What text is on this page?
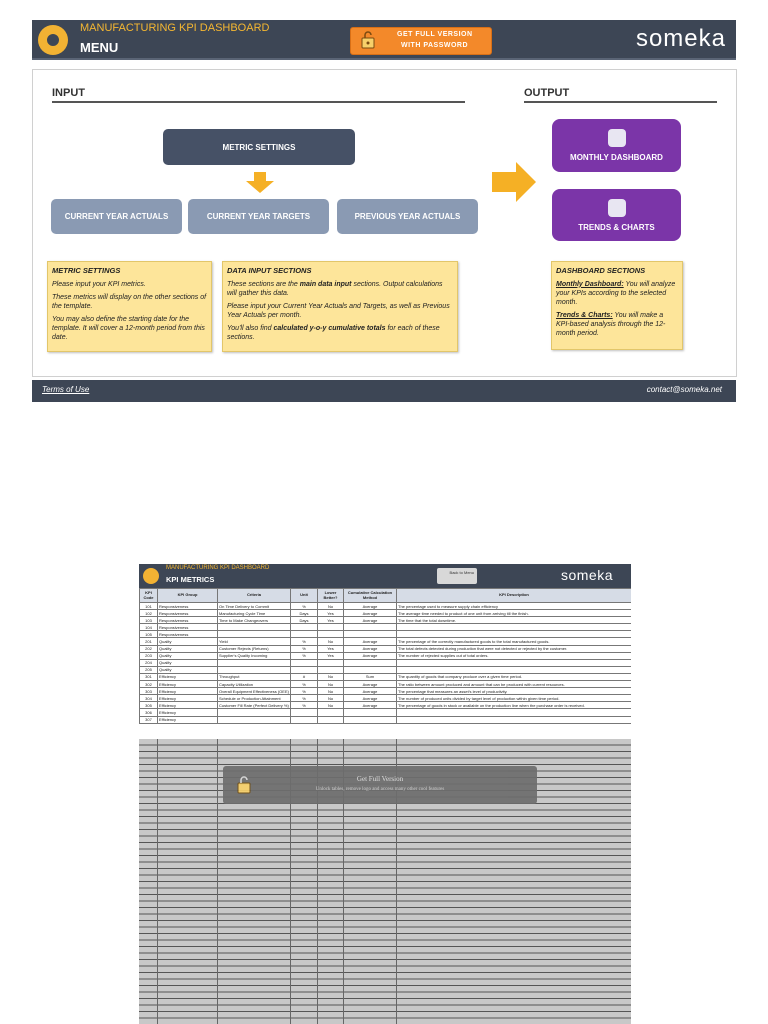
MANUFACTURING KPI DASHBOARD
MENU
GET FULL VERSION
WITH PASSWORD	someka
INPUT	OUTPUT
METRIC SETTINGS
CURRENT YEAR ACTUALS	CURRENT YEAR TARGETS	PREVIOUS YEAR ACTUALS
MONTHLY DASHBOARD
TRENDS & CHARTS
METRIC SETTINGS

Please input your KPI metrics.

These metrics will display on the other sections of the template.

You may also define the starting date for the template. It will cover a 12-month period from this date.

DATA INPUT SECTIONS

These sections are the main data input sections. Output calculations will gather this data.

Please input your Current Year Actuals and Targets, as well as Previous Year Actuals per month.

You'll also find calculated y-o-y cumulative totals for each of these sections.

DASHBOARD SECTIONS

Monthly Dashboard: You will analyze your KPIs according to the selected month.

Trends & Charts: You will make a KPI-based analysis through the 12-month period.

Terms of Use	contact@someka.net
MANUFACTURING KPI DASHBOARD
KPI METRICS
Back to Menu	someka
KPI Code	KPI Group	Criteria	Unit	Lower Better?	Cumulative Calculation Method	KPI Description
101	Responsiveness	On Time Delivery to Commit	%	No	Average	The percentage used to measure supply chain efficiency
102	Responsiveness	Manufacturing Cycle Time	Days	Yes	Average	The average time needed to product of one unit from arriving till the finish.
103	Responsiveness	Time to Make Changeovers	Days	Yes	Average	The time that the total downtime.
104	Responsiveness					
105	Responsiveness					
201	Quality	Yield	%	No	Average	The percentage of the correctly manufactured goods to the total manufactured goods.
202	Quality	Customer Rejects (Returns)	%	Yes	Average	The total defects detected during production that were not detected or rejected by the customer.
203	Quality	Supplier's Quality Incoming	%	Yes	Average	The number of rejected supplies out of total orders.
204	Quality					
205	Quality					
301	Efficiency	Throughput	#	No	Sum	The quantity of goods that company produce over a given time period.
302	Efficiency	Capacity Utilization	%	No	Average	The ratio between amount produced and amount that can be produced with current resources.
303	Efficiency	Overall Equipment Effectiveness (OEE)	%	No	Average	The percentage that measures an asset's level of productivity.
304	Efficiency	Schedule or Production Attainment	%	No	Average	The number of produced units divided by target level of production within given time period.
305	Efficiency	Customer Fill Rate (Perfect Delivery %)	%	No	Average	The percentage of goods in stock or available on the production line when the purchase order is received.
306	Efficiency					
307	Efficiency					
Get Full Version
Unlock tables, remove logo and access many other cool features
